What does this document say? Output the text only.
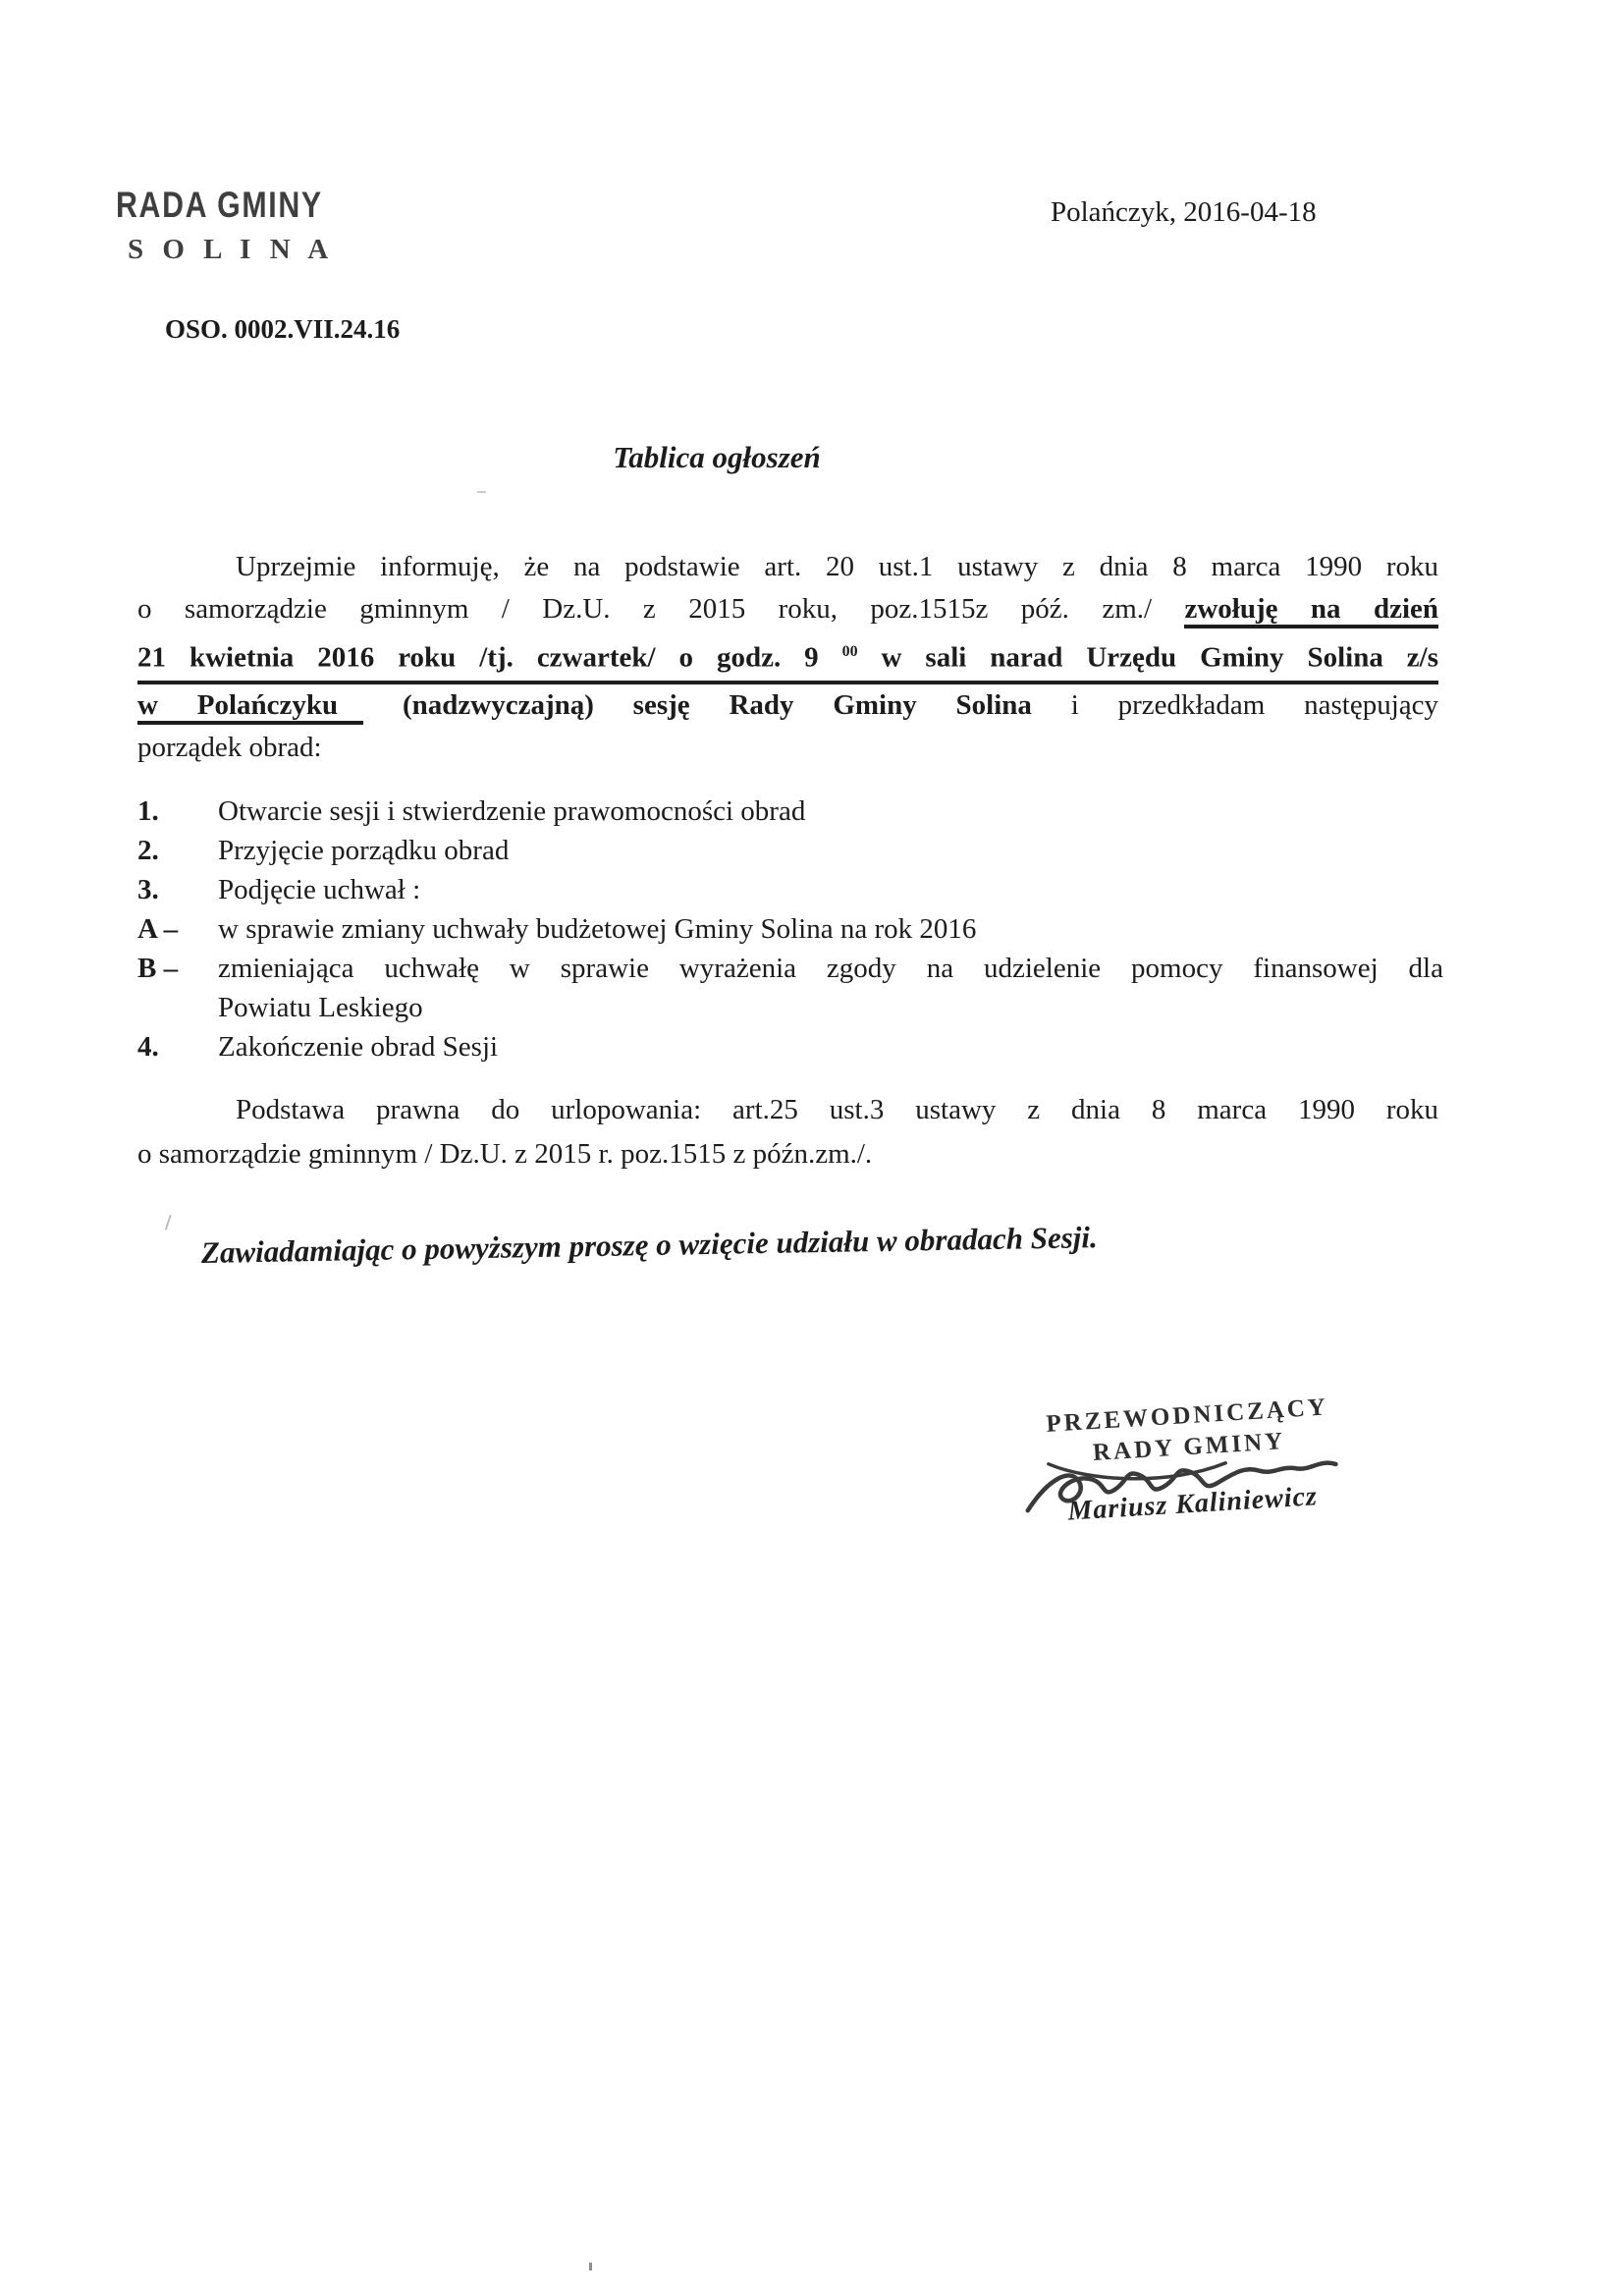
RADA GMINY
S O L I N A
Polańczyk, 2016-04-18
OSO. 0002.VII.24.16
Tablica ogłoszeń
Uprzejmie informuję, że na podstawie art. 20 ust.1 ustawy z dnia 8 marca 1990 roku
o samorządzie gminnym / Dz.U. z 2015 roku, poz.1515z póź. zm./ zwołuję na dzień
21 kwietnia 2016 roku /tj. czwartek/ o godz. 9 $^{00}$ w sali narad Urzędu Gminy Solina z/s
w Polańczyku (nadzwyczajną) sesję Rady Gminy Solina i przedkładam następujący
porządek obrad:
1.	Otwarcie sesji i stwierdzenie prawomocności obrad
2.	Przyjęcie porządku obrad
3.	Podjęcie uchwał :
A –	w sprawie zmiany uchwały budżetowej Gminy Solina na rok 2016
B –	zmieniająca uchwałę w sprawie wyrażenia zgody na udzielenie pomocy finansowej dla
Powiatu Leskiego
4.	Zakończenie obrad Sesji
Podstawa prawna do urlopowania: art.25 ust.3 ustawy z dnia 8 marca 1990 roku
o samorządzie gminnym / Dz.U. z 2015 r. poz.1515 z późn.zm./.
Zawiadamiając o powyższym proszę o wzięcie udziału w obradach Sesji.
PRZEWODNICZĄCY
RADY GMINY
Mariusz Kaliniewicz
